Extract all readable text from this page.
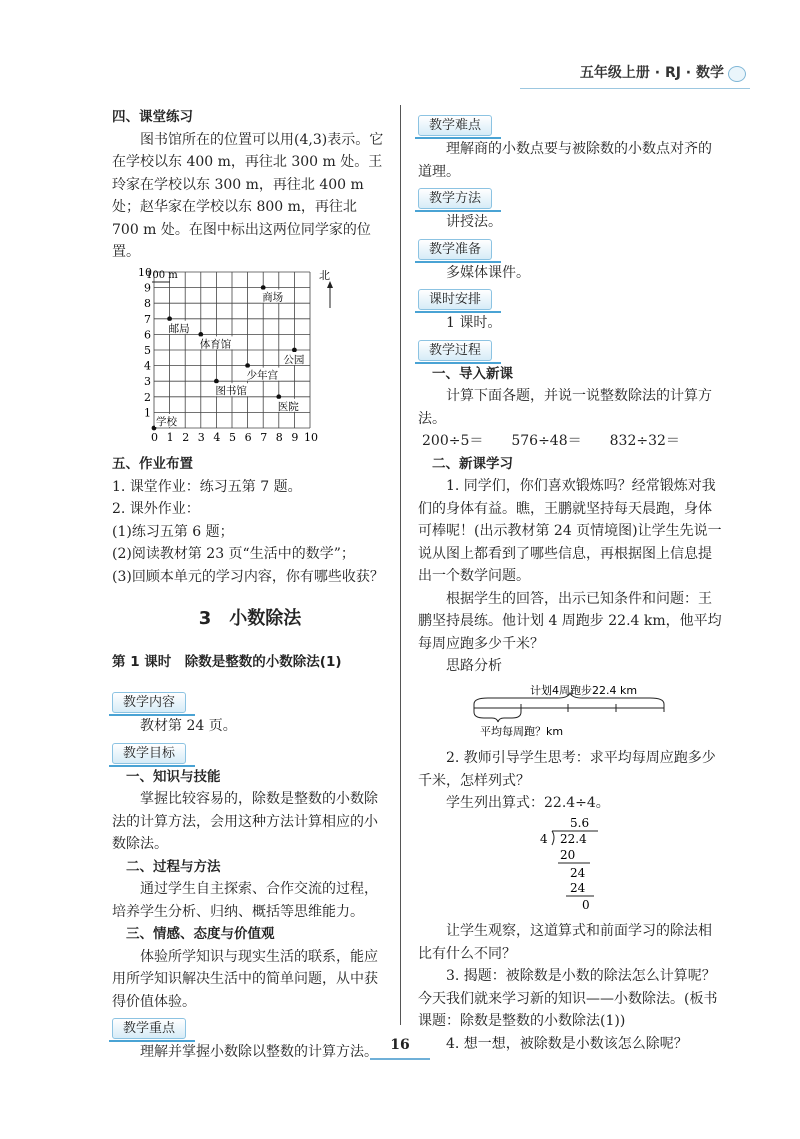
五年级上册 · RJ · 数学

四、课堂练习

图书馆所在的位置可以用(4,3)表示。它在学校以东 400 m，再往北 300 m 处。王玲家在学校以东 300 m，再往北 400 m 处；赵华家在学校以东 800 m，再往北 700 m 处。在图中标出这两位同学家的位置。

0 1 2 3 4 5 6 7 8 9 10
1
2
3
4
5
6
7
8
9
10
学校
邮局
体育馆
商场
少年宫
公园
图书馆
医院
100 m	北

五、作业布置

1. 课堂作业：练习五第 7 题。

2. 课外作业：

(1)练习五第 6 题；

(2)阅读教材第 23 页“生活中的数学”；

(3)回顾本单元的学习内容，你有哪些收获？

3　小数除法
第 1 课时　除数是整数的小数除法(1)
教学内容

教材第 24 页。

教学目标

一、知识与技能

掌握比较容易的，除数是整数的小数除法的计算方法，会用这种方法计算相应的小数除法。

二、过程与方法

通过学生自主探索、合作交流的过程，培养学生分析、归纳、概括等思维能力。

三、情感、态度与价值观

体验所学知识与现实生活的联系，能应用所学知识解决生活中的简单问题，从中获得价值体验。

教学重点

理解并掌握小数除以整数的计算方法。

教学难点

理解商的小数点要与被除数的小数点对齐的道理。

教学方法

讲授法。

教学准备

多媒体课件。

课时安排

1 课时。

教学过程

一、导入新课

计算下面各题，并说一说整数除法的计算方法。

200÷5＝ 576÷48＝ 832÷32＝

二、新课学习

1. 同学们，你们喜欢锻炼吗？经常锻炼对我们的身体有益。瞧，王鹏就坚持每天晨跑，身体可棒呢！(出示教材第 24 页情境图)让学生先说一说从图上都看到了哪些信息，再根据图上信息提出一个数学问题。

根据学生的回答，出示已知条件和问题：王鹏坚持晨练。他计划 4 周跑步 22.4 km，他平均每周应跑多少千米？

思路分析

计划4周跑步22.4 km
平均每周跑？km

2. 教师引导学生思考：求平均每周应跑多少千米，怎样列式？

学生列出算式：22.4÷4。

5.6
4 22.4
20
24
24
0

让学生观察，这道算式和前面学习的除法相比有什么不同？

3. 揭题：被除数是小数的除法怎么计算呢？今天我们就来学习新的知识——小数除法。(板书课题：除数是整数的小数除法(1))

4. 想一想，被除数是小数该怎么除呢？

16
